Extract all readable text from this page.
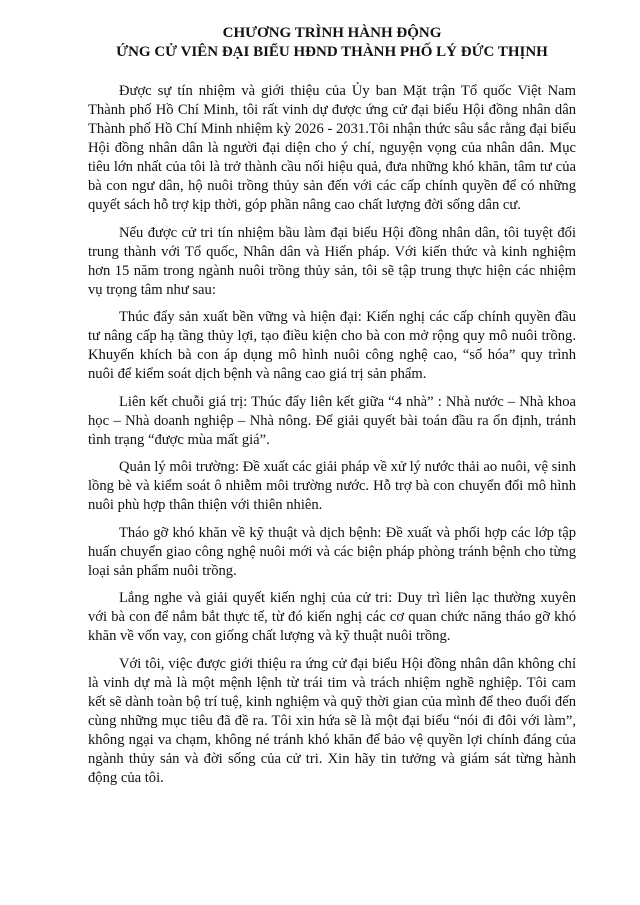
CHƯƠNG TRÌNH HÀNH ĐỘNG

ỨNG CỬ VIÊN ĐẠI BIỂU HĐND THÀNH PHỐ LÝ ĐỨC THỊNH

Được sự tín nhiệm và giới thiệu của Ủy ban Mặt trận Tổ quốc Việt Nam Thành phố Hồ Chí Minh, tôi rất vinh dự được ứng cử đại biểu Hội đồng nhân dân Thành phố Hồ Chí Minh nhiệm kỳ 2026 - 2031.Tôi nhận thức sâu sắc rằng đại biểu Hội đồng nhân dân là người đại diện cho ý chí, nguyện vọng của nhân dân. Mục tiêu lớn nhất của tôi là trở thành cầu nối hiệu quả, đưa những khó khăn, tâm tư của bà con ngư dân, hộ nuôi trồng thủy sản đến với các cấp chính quyền để có những quyết sách hỗ trợ kịp thời, góp phần nâng cao chất lượng đời sống dân cư.

Nếu được cử tri tín nhiệm bầu làm đại biểu Hội đồng nhân dân, tôi tuyệt đối trung thành với Tổ quốc, Nhân dân và Hiến pháp. Với kiến thức và kinh nghiệm hơn 15 năm trong ngành nuôi trồng thủy sản, tôi sẽ tập trung thực hiện các nhiệm vụ trọng tâm như sau:

Thúc đẩy sản xuất bền vững và hiện đại: Kiến nghị các cấp chính quyền đầu tư nâng cấp hạ tầng thủy lợi, tạo điều kiện cho bà con mở rộng quy mô nuôi trồng. Khuyến khích bà con áp dụng mô hình nuôi công nghệ cao, “số hóa” quy trình nuôi để kiểm soát dịch bệnh và nâng cao giá trị sản phẩm.

Liên kết chuỗi giá trị: Thúc đẩy liên kết giữa “4 nhà” : Nhà nước – Nhà khoa học – Nhà doanh nghiệp – Nhà nông. Để giải quyết bài toán đầu ra ổn định, tránh tình trạng “được mùa mất giá”.

Quản lý môi trường: Đề xuất các giải pháp về xử lý nước thải ao nuôi, vệ sinh lồng bè và kiểm soát ô nhiễm môi trường nước. Hỗ trợ bà con chuyển đổi mô hình nuôi phù hợp thân thiện với thiên nhiên.

Tháo gỡ khó khăn về kỹ thuật và dịch bệnh: Đề xuất và phối hợp các lớp tập huấn chuyển giao công nghệ nuôi mới và các biện pháp phòng tránh bệnh cho từng loại sản phẩm nuôi trồng.

Lắng nghe và giải quyết kiến nghị của cử tri: Duy trì liên lạc thường xuyên với bà con để nắm bắt thực tế, từ đó kiến nghị các cơ quan chức năng tháo gỡ khó khăn về vốn vay, con giống chất lượng và kỹ thuật nuôi trồng.

Với tôi, việc được giới thiệu ra ứng cử đại biểu Hội đồng nhân dân không chỉ là vinh dự mà là một mệnh lệnh từ trái tim và trách nhiệm nghề nghiệp. Tôi cam kết sẽ dành toàn bộ trí tuệ, kinh nghiệm và quỹ thời gian của mình để theo đuổi đến cùng những mục tiêu đã đề ra. Tôi xin hứa sẽ là một đại biểu “nói đi đôi với làm”, không ngại va chạm, không né tránh khó khăn để bảo vệ quyền lợi chính đáng của ngành thủy sản và đời sống của cử tri. Xin hãy tin tưởng và giám sát từng hành động của tôi.
